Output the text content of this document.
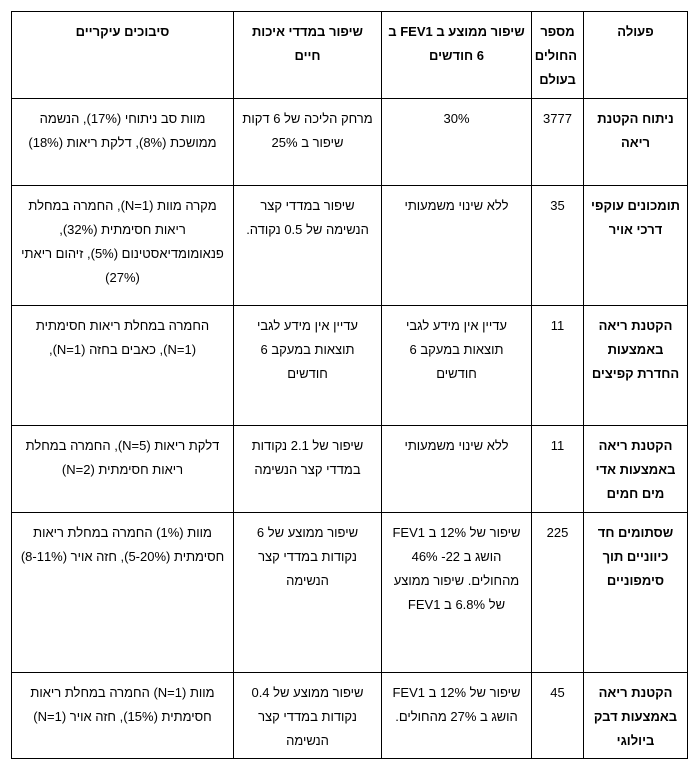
פעולה	מספר החולים בעולם	שיפור ממוצע ב FEV1 ב 6 חודשים	שיפור במדדי איכות חיים	סיבוכים עיקריים
ניתוח הקטנת ריאה	3777	30%	מרחק הליכה של 6 דקות שיפור ב 25%	מוות סב ניתוחי (17%), הנשמה ממושכת (8%), דלקת ריאות (18%)
תומכונים עוקפי דרכי אויר	35	ללא שינוי משמעותי	שיפור במדדי קצר הנשימה של 0.5 נקודה.	מקרה מוות (N=1), החמרה במחלת ריאות חסימתית (32%), פנאומומדיאסטינום (5%), זיהום ריאתי (27%)
הקטנת ריאה באמצעות החדרת קפיצים	11	עדיין אין מידע לגבי תוצאות במעקב 6 חודשים	עדיין אין מידע לגבי תוצאות במעקב 6 חודשים	החמרה במחלת ריאות חסימתית (N=1), כאבים בחזה (N=1),
הקטנת ריאה באמצעות אדי מים חמים	11	ללא שינוי משמעותי	שיפור של 2.1 נקודות במדדי קצר הנשימה	דלקת ריאות (N=5), החמרה במחלת ריאות חסימתית (N=2)
שסתומים חד כיווניים תוך סימפוניים	225	שיפור של 12% ב FEV1 הושג ב 22- 46% מהחולים. שיפור ממוצע של 6.8% ב FEV1	שיפור ממוצע של 6 נקודות במדדי קצר הנשימה	מוות (1%) החמרה במחלת ריאות חסימתית (5-20%), חזה אויר (8-11%)
הקטנת ריאה באמצעות דבק ביולוגי	45	שיפור של 12% ב FEV1 הושג ב 27% מהחולים.	שיפור ממוצע של 0.4 נקודות במדדי קצר הנשימה	מוות (N=1) החמרה במחלת ריאות חסימתית (15%), חזה אויר (N=1)
